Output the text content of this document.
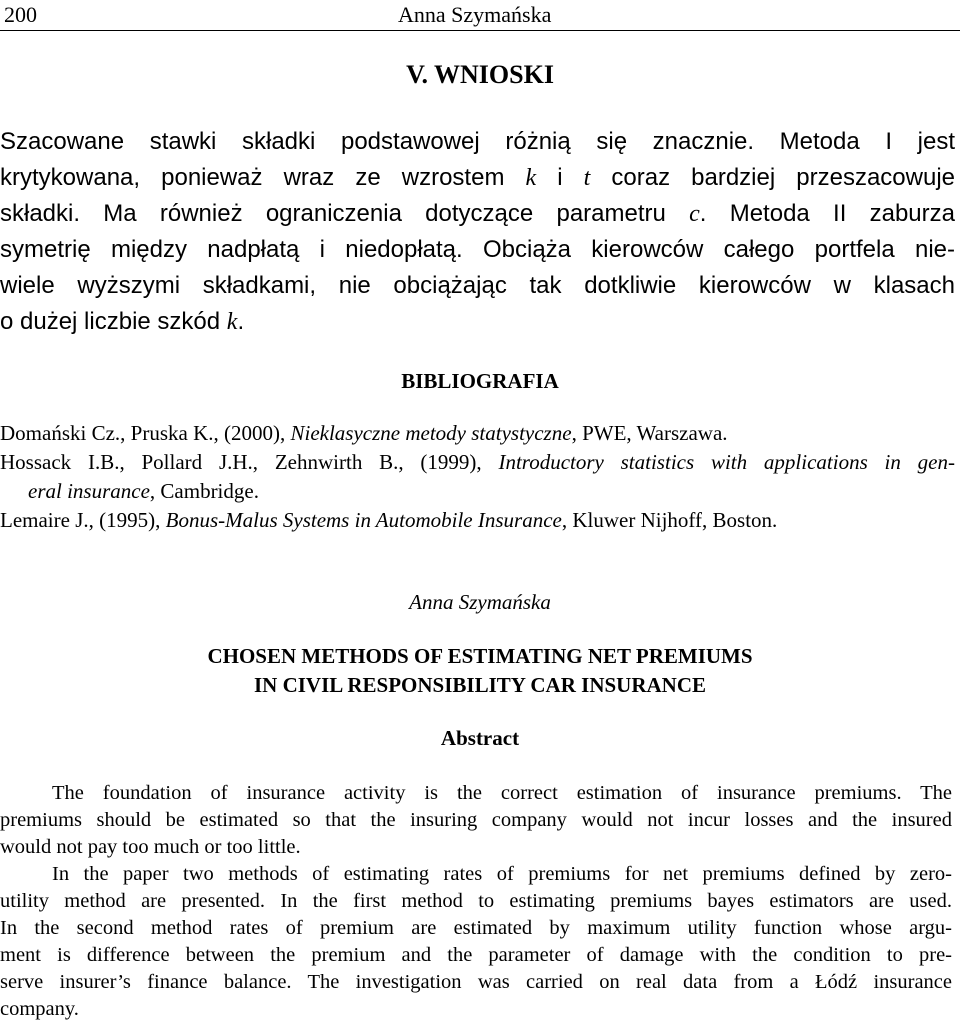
200	Anna Szymańska
V. WNIOSKI
Szacowane stawki składki podstawowej różnią się znacznie. Metoda I jest
krytykowana, ponieważ wraz ze wzrostem k i t coraz bardziej przeszacowuje
składki. Ma również ograniczenia dotyczące parametru c. Metoda II zaburza
symetrię między nadpłatą i niedopłatą. Obciąża kierowców całego portfela nie-
wiele wyższymi składkami, nie obciążając tak dotkliwie kierowców w klasach
o dużej liczbie szkód k.
BIBLIOGRAFIA
Domański Cz., Pruska K., (2000), Nieklasyczne metody statystyczne, PWE, Warszawa.
Hossack I.B., Pollard J.H., Zehnwirth B., (1999), Introductory statistics with applications in gen-
eral insurance, Cambridge.
Lemaire J., (1995), Bonus-Malus Systems in Automobile Insurance, Kluwer Nijhoff, Boston.
Anna Szymańska
CHOSEN METHODS OF ESTIMATING NET PREMIUMS
IN CIVIL RESPONSIBILITY CAR INSURANCE
Abstract
The foundation of insurance activity is the correct estimation of insurance premiums. The
premiums should be estimated so that the insuring company would not incur losses and the insured
would not pay too much or too little.
In the paper two methods of estimating rates of premiums for net premiums defined by zero-
utility method are presented. In the first method to estimating premiums bayes estimators are used.
In the second method rates of premium are estimated by maximum utility function whose argu-
ment is difference between the premium and the parameter of damage with the condition to pre-
serve insurer’s finance balance. The investigation was carried on real data from a Łódź insurance
company.
